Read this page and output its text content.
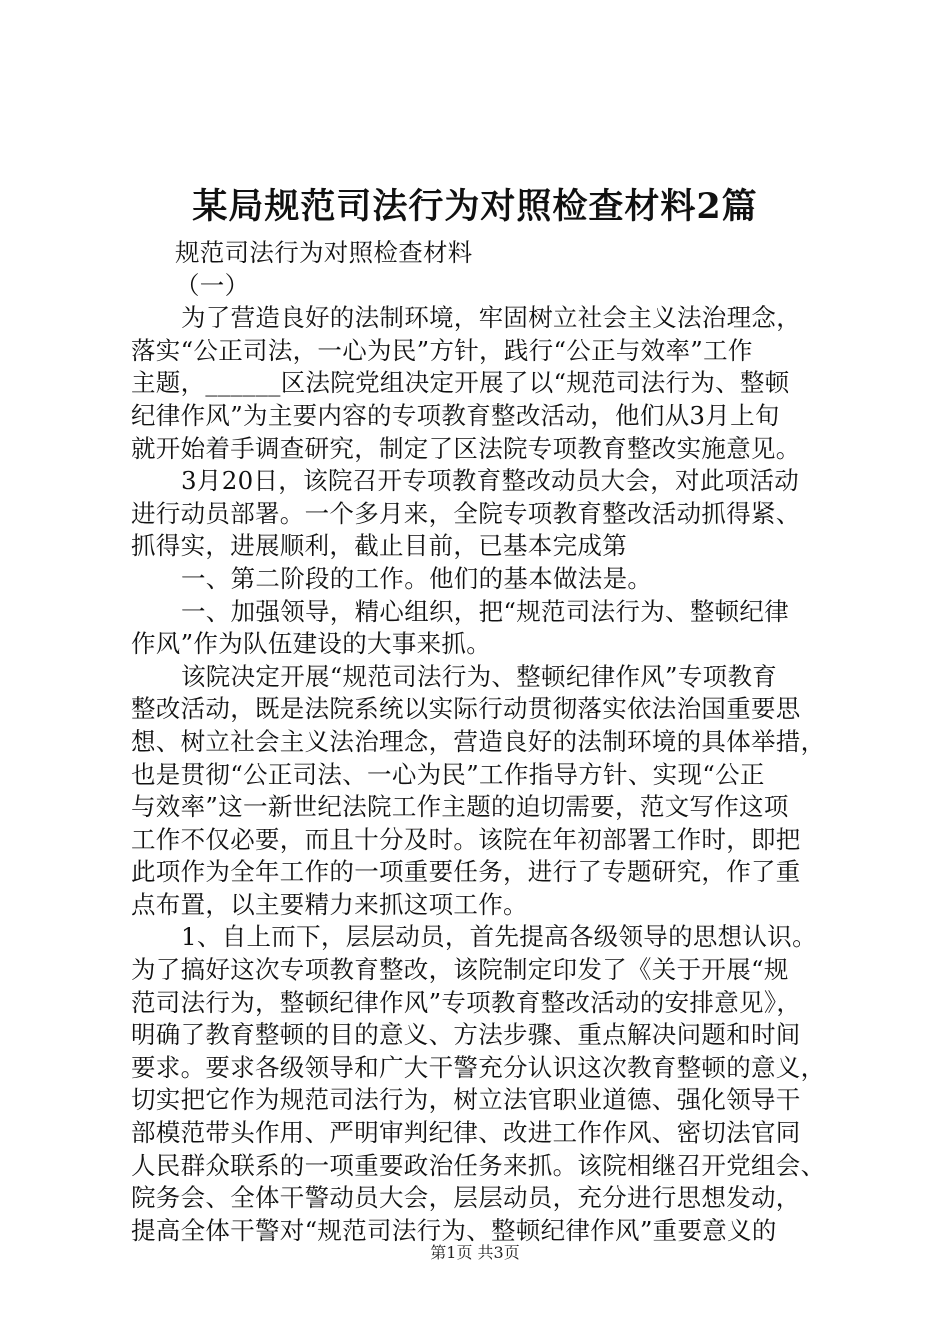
某局规范司法行为对照检查材料2篇

规范司法行为对照检查材料

（一）

为了营造良好的法制环境，牢固树立社会主义法治理念，

落实“公正司法，一心为民”方针，践行“公正与效率”工作

主题，______区法院党组决定开展了以“规范司法行为、整顿

纪律作风”为主要内容的专项教育整改活动，他们从3月上旬

就开始着手调查研究，制定了区法院专项教育整改实施意见。

3月20日，该院召开专项教育整改动员大会，对此项活动

进行动员部署。一个多月来，全院专项教育整改活动抓得紧、

抓得实，进展顺利，截止目前，已基本完成第

一、第二阶段的工作。他们的基本做法是。

一、加强领导，精心组织，把“规范司法行为、整顿纪律

作风”作为队伍建设的大事来抓。

该院决定开展“规范司法行为、整顿纪律作风”专项教育

整改活动，既是法院系统以实际行动贯彻落实依法治国重要思

想、树立社会主义法治理念，营造良好的法制环境的具体举措，

也是贯彻“公正司法、一心为民”工作指导方针、实现“公正

与效率”这一新世纪法院工作主题的迫切需要，范文写作这项

工作不仅必要，而且十分及时。该院在年初部署工作时，即把

此项作为全年工作的一项重要任务，进行了专题研究，作了重

点布置，以主要精力来抓这项工作。

1、自上而下，层层动员，首先提高各级领导的思想认识。

为了搞好这次专项教育整改，该院制定印发了《关于开展“规

范司法行为，整顿纪律作风”专项教育整改活动的安排意见》，

明确了教育整顿的目的意义、方法步骤、重点解决问题和时间

要求。要求各级领导和广大干警充分认识这次教育整顿的意义，

切实把它作为规范司法行为，树立法官职业道德、强化领导干

部模范带头作用、严明审判纪律、改进工作作风、密切法官同

人民群众联系的一项重要政治任务来抓。该院相继召开党组会、

院务会、全体干警动员大会，层层动员，充分进行思想发动，

提高全体干警对“规范司法行为、整顿纪律作风”重要意义的

第1页 共3页
